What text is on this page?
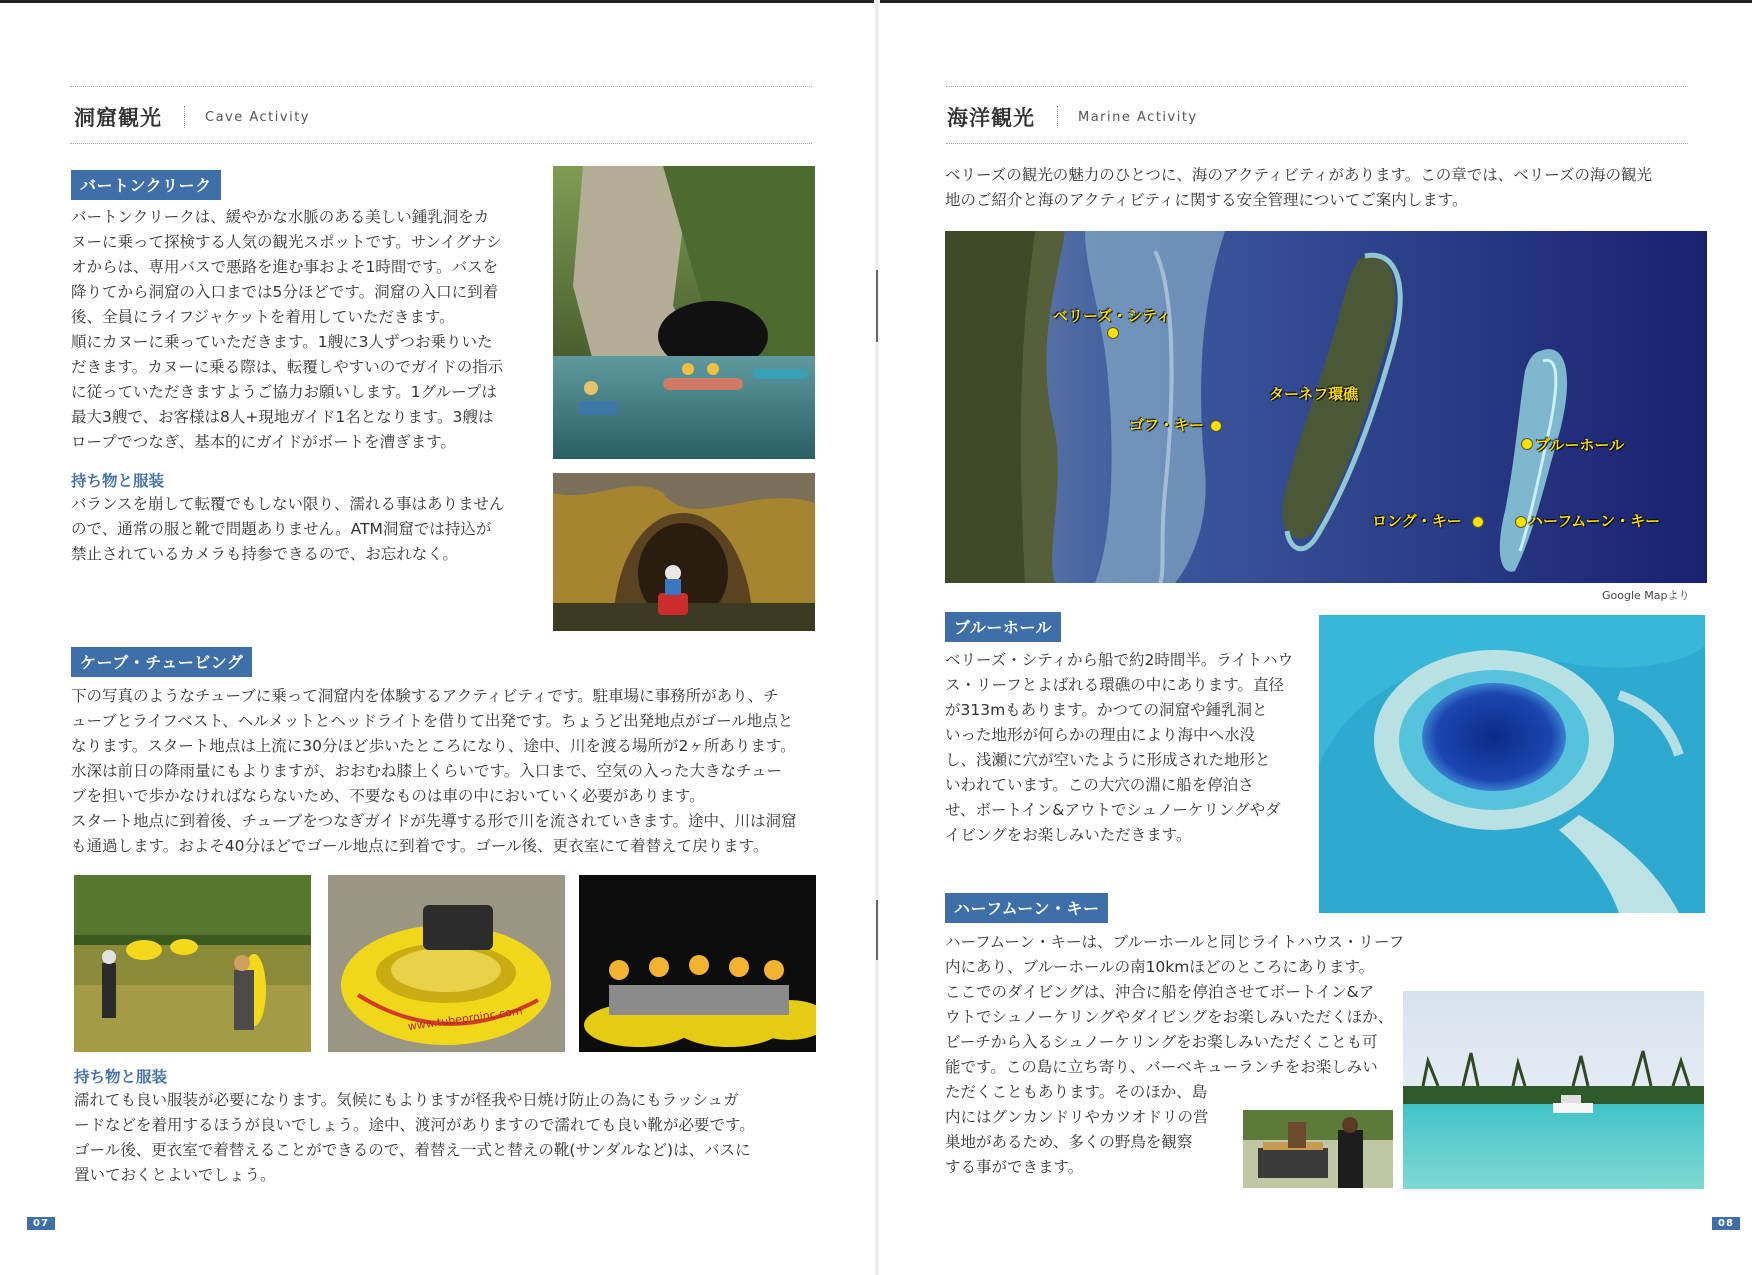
洞窟観光	Cave Activity
バートンクリーク
バートンクリークは、緩やかな水脈のある美しい鍾乳洞をカ
ヌーに乗って探検する人気の観光スポットです。サンイグナシ
オからは、専用バスで悪路を進む事およそ1時間です。バスを
降りてから洞窟の入口までは5分ほどです。洞窟の入口に到着
後、全員にライフジャケットを着用していただきます。
順にカヌーに乗っていただきます。1艘に3人ずつお乗りいた
だきます。カヌーに乗る際は、転覆しやすいのでガイドの指示
に従っていただきますようご協力お願いします。1グループは
最大3艘で、お客様は8人+現地ガイド1名となります。3艘は
ロープでつなぎ、基本的にガイドがボートを漕ぎます。
持ち物と服装
バランスを崩して転覆でもしない限り、濡れる事はありません
ので、通常の服と靴で問題ありません。ATM洞窟では持込が
禁止されているカメラも持参できるので、お忘れなく。
ケーブ・チュービング
下の写真のようなチューブに乗って洞窟内を体験するアクティビティです。駐車場に事務所があり、チ
ューブとライフベスト、ヘルメットとヘッドライトを借りて出発です。ちょうど出発地点がゴール地点と
なります。スタート地点は上流に30分ほど歩いたところになり、途中、川を渡る場所が2ヶ所あります。
水深は前日の降雨量にもよりますが、おおむね膝上くらいです。入口まで、空気の入った大きなチュー
ブを担いで歩かなければならないため、不要なものは車の中においていく必要があります。
スタート地点に到着後、チューブをつなぎガイドが先導する形で川を流されていきます。途中、川は洞窟
も通過します。およそ40分ほどでゴール地点に到着です。ゴール後、更衣室にて着替えて戻ります。
www.tubeproinc.com
持ち物と服装
濡れても良い服装が必要になります。気候にもよりますが怪我や日焼け防止の為にもラッシュガ
ードなどを着用するほうが良いでしょう。途中、渡河がありますので濡れても良い靴が必要です。
ゴール後、更衣室で着替えることができるので、着替え一式と替えの靴(サンダルなど)は、バスに
置いておくとよいでしょう。
07
海洋観光	Marine Activity
ベリーズの観光の魅力のひとつに、海のアクティビティがあります。この章では、ベリーズの海の観光
地のご紹介と海のアクティビティに関する安全管理についてご案内します。
ベリーズ・シティ
ゴフ・キー
ターネフ環礁
ブルーホール
ロング・キー	ハーフムーン・キー
Google Mapより
ブルーホール
ベリーズ・シティから船で約2時間半。ライトハウ
ス・リーフとよばれる環礁の中にあります。直径
が313mもあります。かつての洞窟や鍾乳洞と
いった地形が何らかの理由により海中へ水没
し、浅瀬に穴が空いたように形成された地形と
いわれています。この大穴の淵に船を停泊さ
せ、ボートイン&アウトでシュノーケリングやダ
イビングをお楽しみいただきます。
ハーフムーン・キー
ハーフムーン・キーは、ブルーホールと同じライトハウス・リーフ
内にあり、ブルーホールの南10kmほどのところにあります。
ここでのダイビングは、沖合に船を停泊させてボートイン&ア
ウトでシュノーケリングやダイビングをお楽しみいただくほか、
ビーチから入るシュノーケリングをお楽しみいただくことも可
能です。この島に立ち寄り、バーベキューランチをお楽しみい
ただくこともあります。そのほか、島
内にはグンカンドリやカツオドリの営
巣地があるため、多くの野鳥を観察
する事ができます。
08
